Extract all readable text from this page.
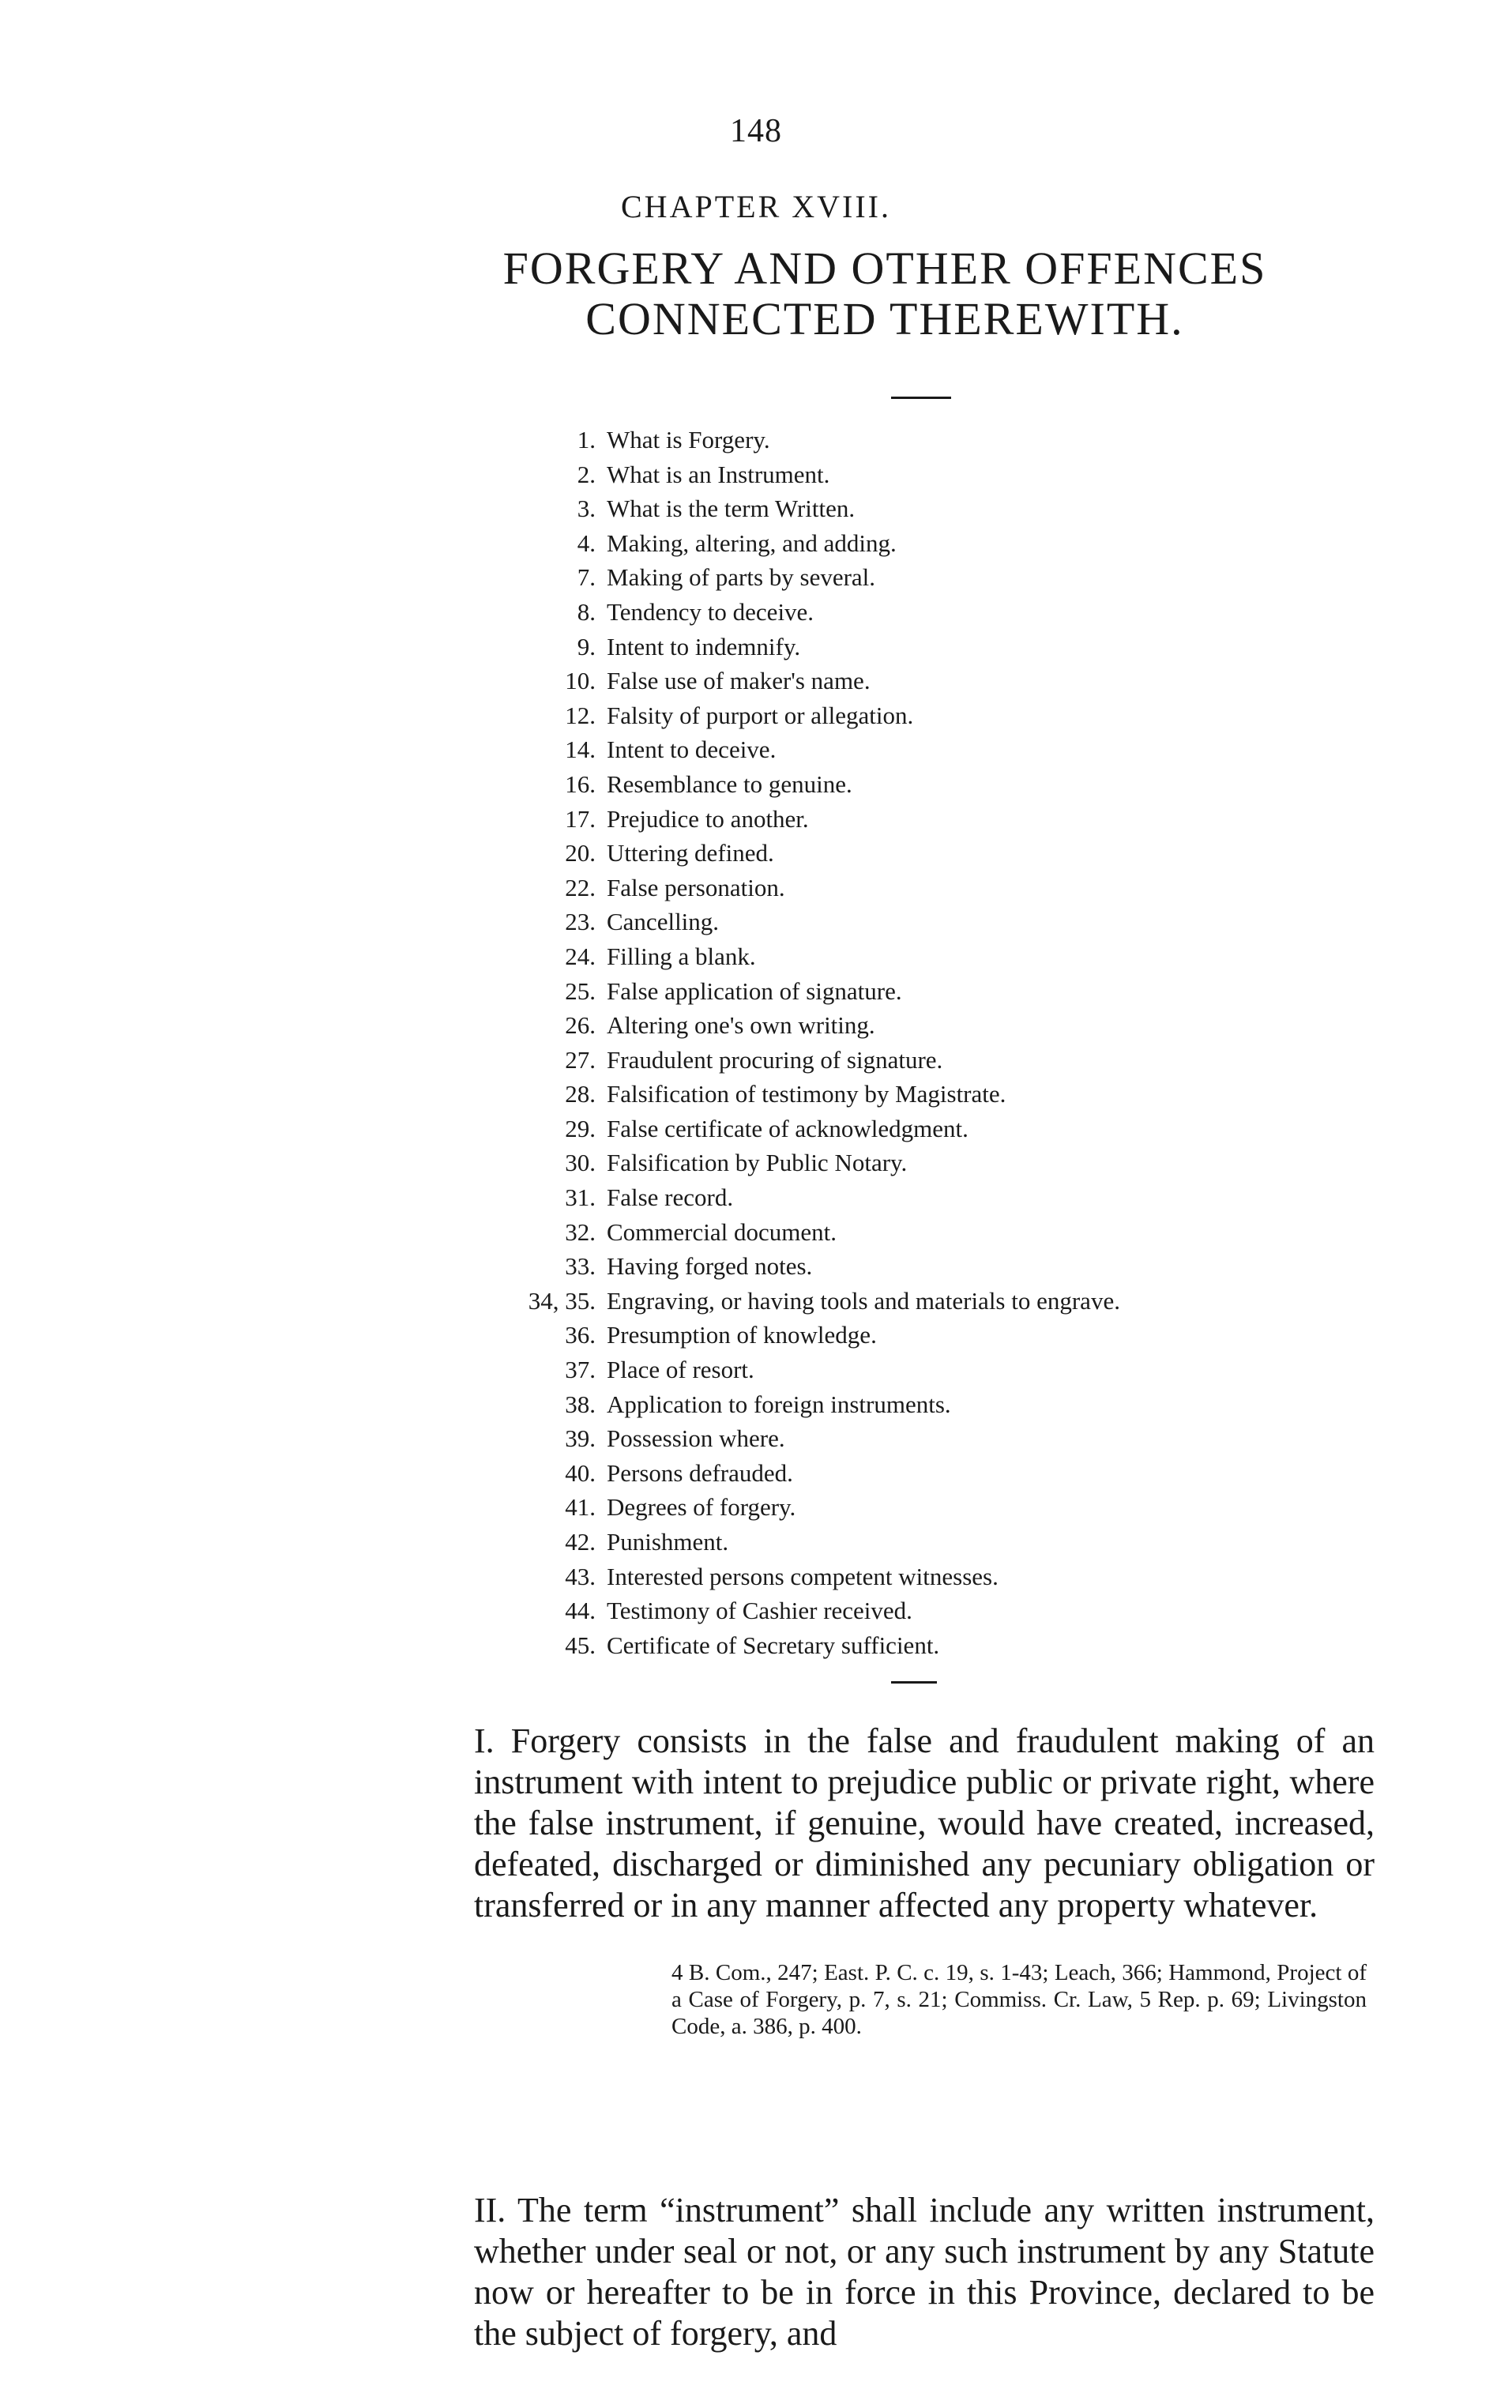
148
CHAPTER XVIII.
FORGERY AND OTHER OFFENCES
CONNECTED THEREWITH.
1. What is Forgery.
2. What is an Instrument.
3. What is the term Written.
4. Making, altering, and adding.
7. Making of parts by several.
8. Tendency to deceive.
9. Intent to indemnify.
10. False use of maker's name.
12. Falsity of purport or allegation.
14. Intent to deceive.
16. Resemblance to genuine.
17. Prejudice to another.
20. Uttering defined.
22. False personation.
23. Cancelling.
24. Filling a blank.
25. False application of signature.
26. Altering one's own writing.
27. Fraudulent procuring of signature.
28. Falsification of testimony by Magistrate.
29. False certificate of acknowledgment.
30. Falsification by Public Notary.
31. False record.
32. Commercial document.
33. Having forged notes.
34, 35. Engraving, or having tools and materials to engrave.
36. Presumption of knowledge.
37. Place of resort.
38. Application to foreign instruments.
39. Possession where.
40. Persons defrauded.
41. Degrees of forgery.
42. Punishment.
43. Interested persons competent witnesses.
44. Testimony of Cashier received.
45. Certificate of Secretary sufficient.

I. Forgery consists in the false and fraudulent making of an instrument with intent to prejudice public or private right, where the false instrument, if genuine, would have created, increased, defeated, discharged or diminished any pecuniary obligation or transferred or in any manner affected any property whatever.

4 B. Com., 247; East. P. C. c. 19, s. 1-43; Leach, 366; Hammond, Project of a Case of Forgery, p. 7, s. 21; Commiss. Cr. Law, 5 Rep. p. 69; Livingston Code, a. 386, p. 400.

II. The term “instrument” shall include any written instrument, whether under seal or not, or any such instrument by any Statute now or hereafter to be in force in this Province, declared to be the subject of forgery, and
